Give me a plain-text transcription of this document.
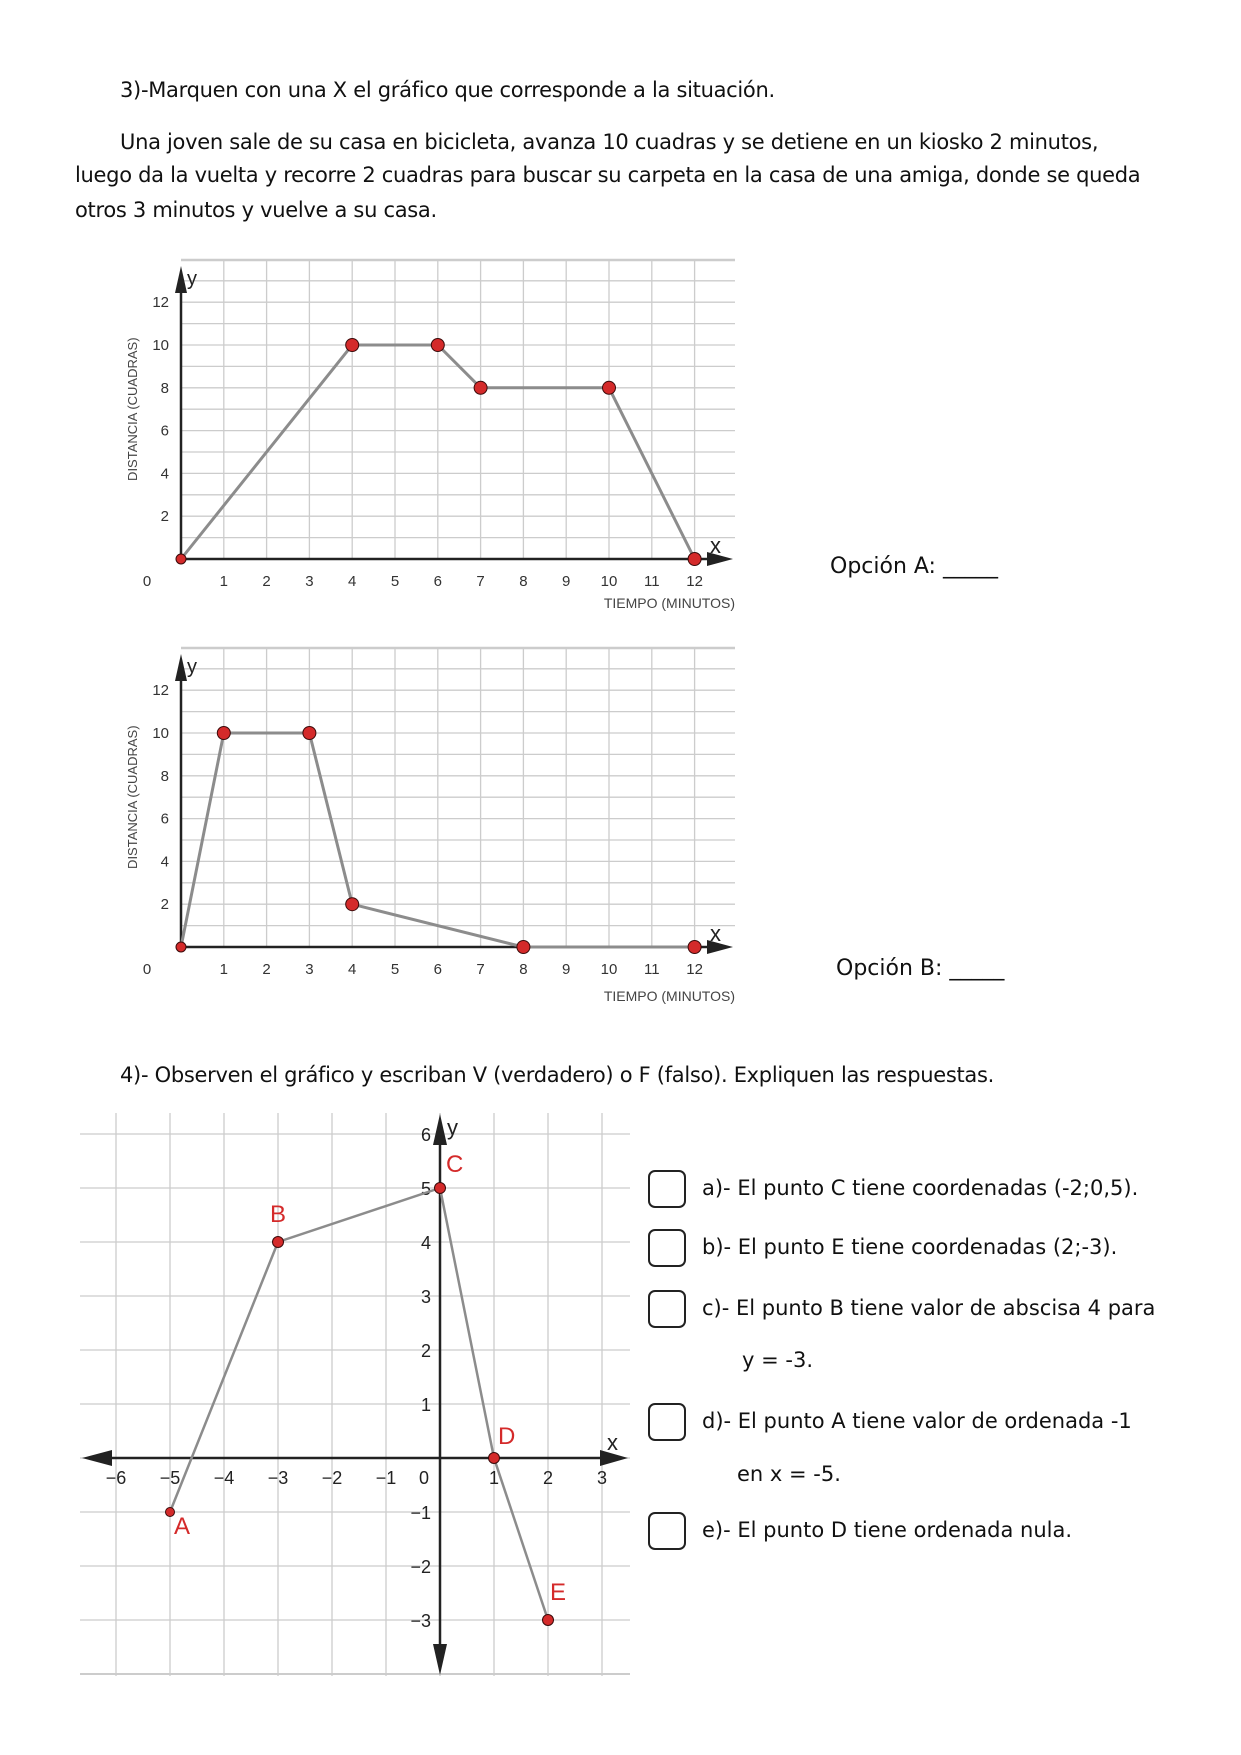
3)-Marquen con una X el gráfico que corresponde a la situación.
Una joven sale de su casa en bicicleta, avanza 10 cuadras y se detiene en un kiosko 2 minutos,
luego da la vuelta y recorre 2 cuadras para buscar su carpeta en la casa de una amiga, donde se queda
otros 3 minutos y vuelve a su casa.
y
x
0	1 2 3 4 5 6 7 8 9 10 11 12
2
4
6
8
10
12
DISTANCIA (CUADRAS)
TIEMPO (MINUTOS)
y
x
0	1 2 3 4 5 6 7 8 9 10 11 12
2
4
6
8
10
12
DISTANCIA (CUADRAS)
TIEMPO (MINUTOS)
Opción A: _____
Opción B: _____
4)- Observen el gráfico y escriban V (verdadero) o F (falso). Expliquen las respuestas.
y
x
−6 −5 −4 −3 −2 −1 0	1 2 3
−3
−2
−1
1
2
3
4
5
6
A
B
C
D
E
a)- El punto C tiene coordenadas (-2;0,5).
b)- El punto E tiene coordenadas (2;-3).
c)- El punto B tiene valor de abscisa 4 para
y = -3.
d)- El punto A tiene valor de ordenada -1
en x = -5.
e)- El punto D tiene ordenada nula.
